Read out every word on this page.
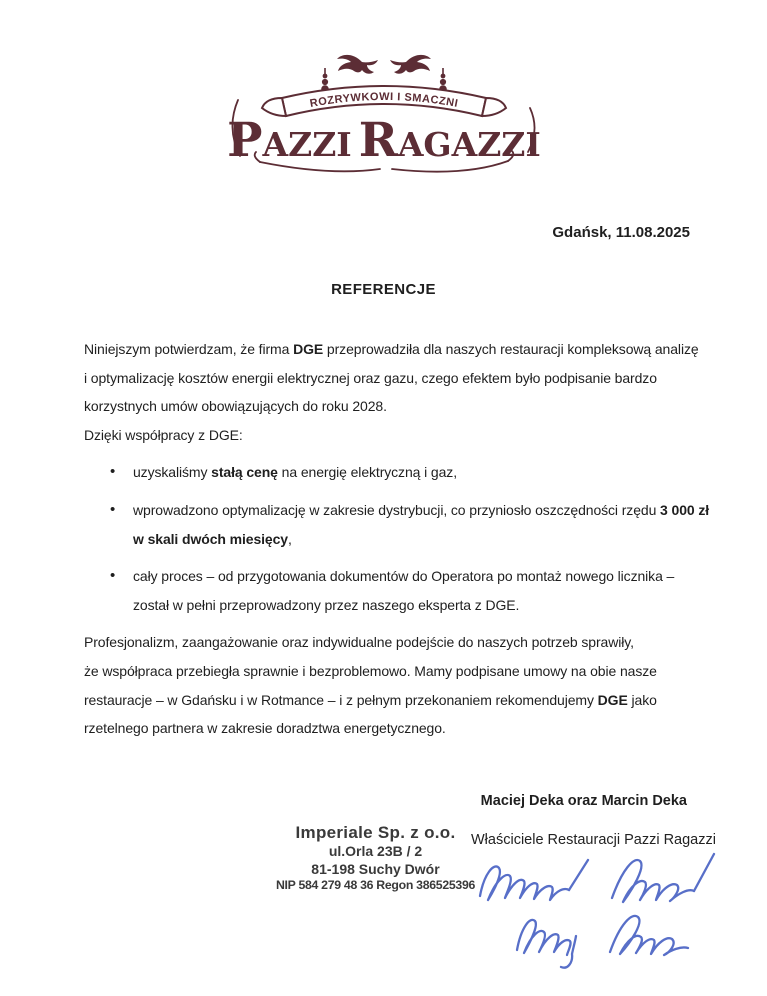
ROZRYWKOWI I SMACZNI
PAZZI RAGAZZI
Gdańsk, 11.08.2025
REFERENCJE
Niniejszym potwierdzam, że firma DGE przeprowadziła dla naszych restauracji kompleksową analizę
i optymalizację kosztów energii elektrycznej oraz gazu, czego efektem było podpisanie bardzo
korzystnych umów obowiązujących do roku 2028.
Dzięki współpracy z DGE:
• uzyskaliśmy stałą cenę na energię elektryczną i gaz,
• wprowadzono optymalizację w zakresie dystrybucji, co przyniosło oszczędności rzędu 3 000 zł
w skali dwóch miesięcy,
• cały proces – od przygotowania dokumentów do Operatora po montaż nowego licznika –
został w pełni przeprowadzony przez naszego eksperta z DGE.
Profesjonalizm, zaangażowanie oraz indywidualne podejście do naszych potrzeb sprawiły,
że współpraca przebiegła sprawnie i bezproblemowo. Mamy podpisane umowy na obie nasze
restauracje – w Gdańsku i w Rotmance – i z pełnym przekonaniem rekomendujemy DGE jako
rzetelnego partnera w zakresie doradztwa energetycznego.
Maciej Deka oraz Marcin Deka
Imperiale Sp. z o.o.
ul.Orla 23B / 2
81-198 Suchy Dwór
NIP 584 279 48 36 Regon 386525396
Właściciele Restauracji Pazzi Ragazzi
